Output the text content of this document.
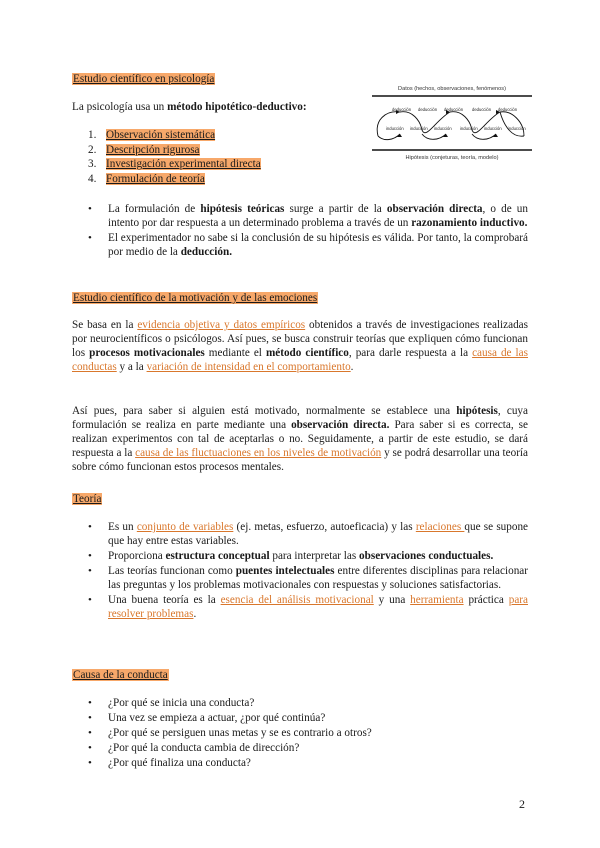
Estudio científico en psicología
La psicología usa un método hipotético-deductivo:
1. Observación sistemática
2. Descripción rigurosa
3. Investigación experimental directa
4. Formulación de teoría
Datos (hechos, observaciones, fenómenos)
deducción deducción deducción deducción deducción
inducción inducción inducción inducción inducción inducción
Hipótesis (conjeturas, teoría, modelo)
• La formulación de hipótesis teóricas surge a partir de la observación directa, o de un intento por dar respuesta a un determinado problema a través de un razonamiento inductivo.
• El experimentador no sabe si la conclusión de su hipótesis es válida. Por tanto, la comprobará por medio de la deducción.
Estudio científico de la motivación y de las emociones
Se basa en la evidencia objetiva y datos empíricos obtenidos a través de investigaciones realizadas por neurocientíficos o psicólogos. Así pues, se busca construir teorías que expliquen cómo funcionan los procesos motivacionales mediante el método científico, para darle respuesta a la causa de las conductas y a la variación de intensidad en el comportamiento.
Así pues, para saber si alguien está motivado, normalmente se establece una hipótesis, cuya formulación se realiza en parte mediante una observación directa. Para saber si es correcta, se realizan experimentos con tal de aceptarlas o no. Seguidamente, a partir de este estudio, se dará respuesta a la causa de las fluctuaciones en los niveles de motivación y se podrá desarrollar una teoría sobre cómo funcionan estos procesos mentales.
Teoría
• Es un conjunto de variables (ej. metas, esfuerzo, autoeficacia) y las relaciones que se supone que hay entre estas variables.
• Proporciona estructura conceptual para interpretar las observaciones conductuales.
• Las teorías funcionan como puentes intelectuales entre diferentes disciplinas para relacionar las preguntas y los problemas motivacionales con respuestas y soluciones satisfactorias.
• Una buena teoría es la esencia del análisis motivacional y una herramienta práctica para resolver problemas.
Causa de la conducta
• ¿Por qué se inicia una conducta?
• Una vez se empieza a actuar, ¿por qué continúa?
• ¿Por qué se persiguen unas metas y se es contrario a otros?
• ¿Por qué la conducta cambia de dirección?
• ¿Por qué finaliza una conducta?
2
